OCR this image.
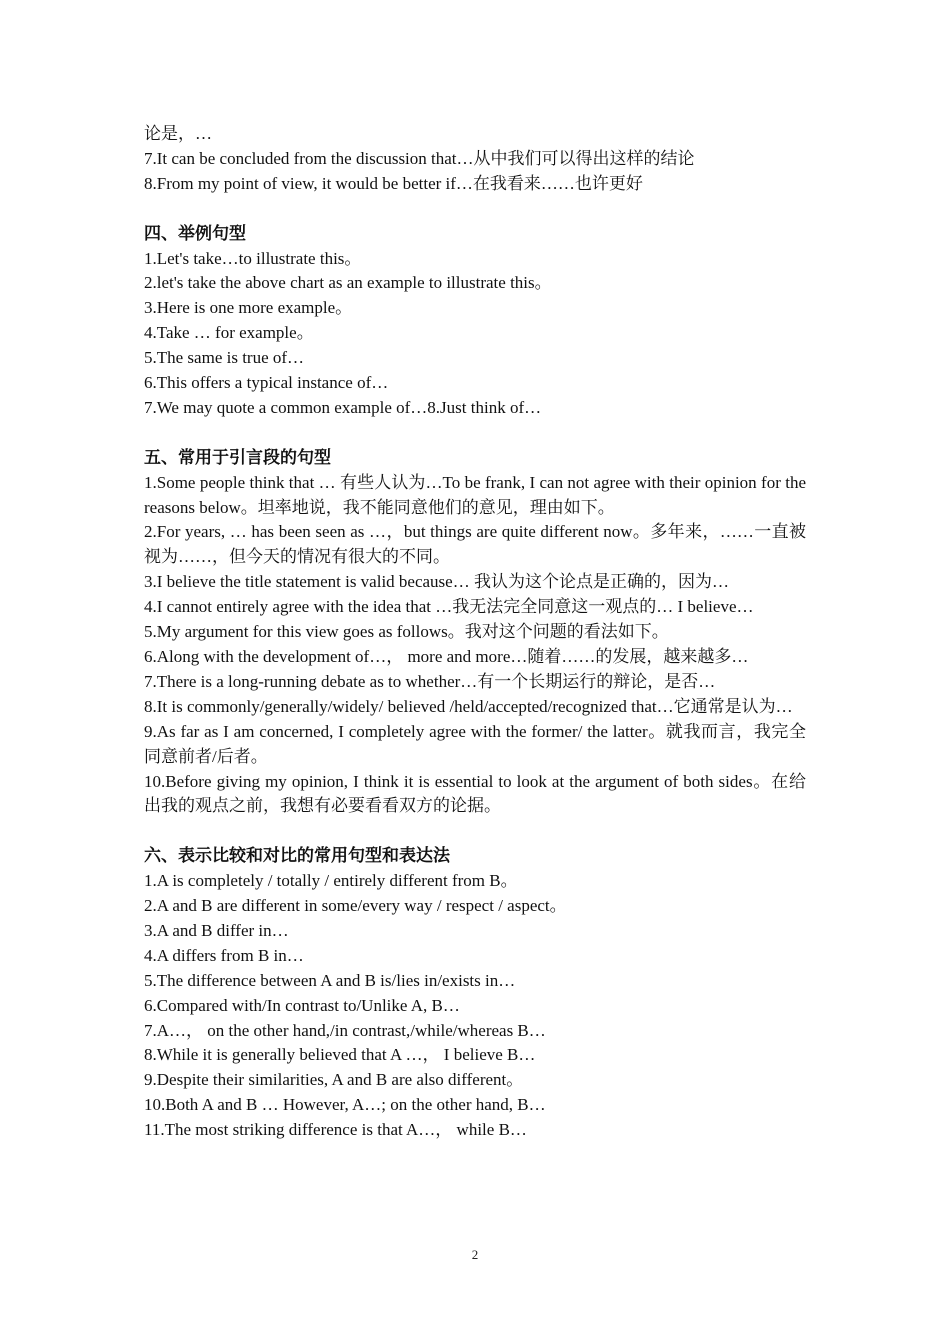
论是，…
7.It can be concluded from the discussion that…从中我们可以得出这样的结论
8.From my point of view, it would be better if…在我看来……也许更好
四、举例句型
1.Let's take…to illustrate this。
2.let's take the above chart as an example to illustrate this。
3.Here is one more example。
4.Take … for example。
5.The same is true of…
6.This offers a typical instance of…
7.We may quote a common example of…8.Just think of…
五、常用于引言段的句型
1.Some people think that … 有些人认为…To be frank, I can not agree with their opinion for the reasons below。坦率地说，我不能同意他们的意见，理由如下。
2.For years, … has been seen as …，but things are quite different now。多年来，……一直被视为……，但今天的情况有很大的不同。
3.I believe the title statement is valid because… 我认为这个论点是正确的，因为…
4.I cannot entirely agree with the idea that …我无法完全同意这一观点的… I believe…
5.My argument for this view goes as follows。我对这个问题的看法如下。
6.Along with the development of…， more and more…随着……的发展，越来越多…
7.There is a long-running debate as to whether…有一个长期运行的辩论，是否…
8.It is commonly/generally/widely/ believed /held/accepted/recognized that…它通常是认为…
9.As far as I am concerned, I completely agree with the former/ the latter。就我而言，我完全同意前者/后者。
10.Before giving my opinion, I think it is essential to look at the argument of both sides。在给出我的观点之前，我想有必要看看双方的论据。
六、表示比较和对比的常用句型和表达法
1.A is completely / totally / entirely different from B。
2.A and B are different in some/every way / respect / aspect。
3.A and B differ in…
4.A differs from B in…
5.The difference between A and B is/lies in/exists in…
6.Compared with/In contrast to/Unlike A, B…
7.A…， on the other hand,/in contrast,/while/whereas B…
8.While it is generally believed that A …， I believe B…
9.Despite their similarities, A and B are also different。
10.Both A and B … However, A…; on the other hand, B…
11.The most striking difference is that A…， while B…
2
